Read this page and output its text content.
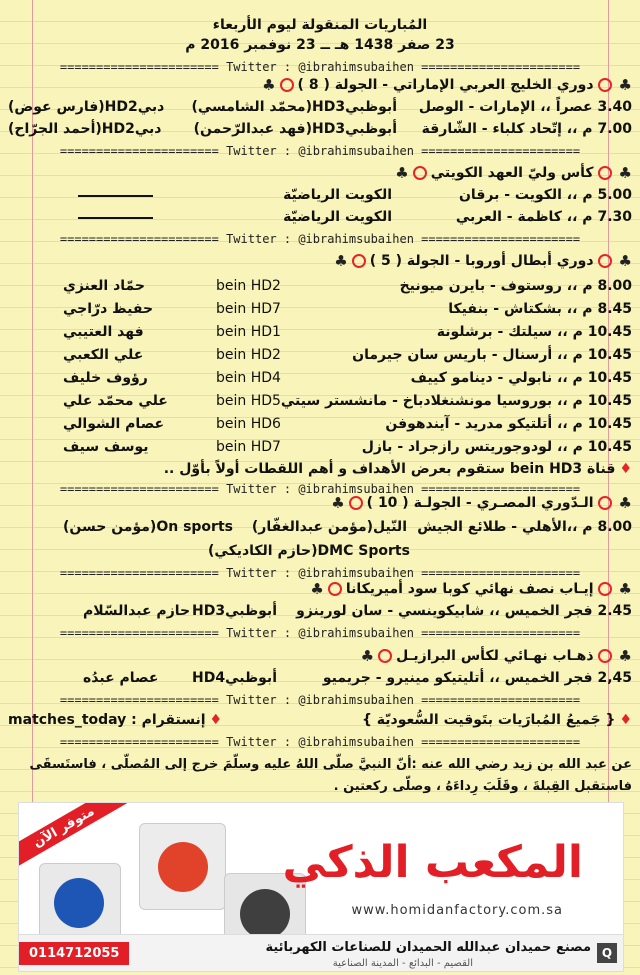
المُباريات المنقولة ليوم الأربعاء
23 صفر 1438 هـ ــ 23 نوفمبر 2016 م
====================== Twitter : @ibrahimsubaihen ======================
♣دوري الخليج العربي الإماراتي - الجولة ( 8 )♣
3.40 عصراً ،، الإمارات - الوصل
أبوظبيHD3(محمّد الشامسي)
دبيHD2(فارس عوض)
7.00 م ،، إتّحاد كلباء - الشّارقة
أبوظبيHD3(فهد عبدالرّحمن)
دبيHD2(أحمد الجرّاح)
====================== Twitter : @ibrahimsubaihen ======================
♣كأس وليّ العهد الكويتي♣
5.00 م ،، الكويت - برقان
الكويت الرياضيّة
7.30 م ،، كاظمة - العربي
الكويت الرياضيّة
====================== Twitter : @ibrahimsubaihen ======================
♣دوري أبطال أوروبا - الجولة ( 5 )♣
8.00 م ،، روستوف - بايرن ميونيخ
bein HD2
حمّاد العنزي
8.45 م ،، بشكتاش - بنفيكا
bein HD7
حفيظ درّاجي
10.45 م ،، سيلتك - برشلونة
bein HD1
فهد العتيبي
10.45 م ،، أرسنال - باريس سان جيرمان
bein HD2
علي الكعبي
10.45 م ،، نابولي - دينامو كييف
bein HD4
رؤوف خليف
10.45 م ،، بوروسيا مونشنغلادباخ - مانشستر سيتي
bein HD5
علي محمّد علي
10.45 م ،، أتلتيكو مدريد - آيندهوفن
bein HD6
عصام الشوالي
10.45 م ،، لودوجوريتس رازجراد - بازل
bein HD7
يوسف سيف
♦قناة bein HD3 ستقوم بعرض الأهداف و أهم اللقطات أولاً بأوّل ..
====================== Twitter : @ibrahimsubaihen ======================
♣الـدّوري المصـري - الجولـة ( 10 )♣
8.00 م ،،الأهلي - طلائع الجيش
النّيل(مؤمن عبدالغفّار)
On sports(مؤمن حسن)
DMC Sports(حازم الكاديكي)
====================== Twitter : @ibrahimsubaihen ======================
♣إيـاب نصف نهائي كوبا سود أميريكانا♣
2.45 فجر الخميس ،، شابيكوينسي - سان لورينزو
أبوظبيHD3
حازم عبدالسّلام
====================== Twitter : @ibrahimsubaihen ======================
♣ذهـاب نهـائي لكأس البرازيـل♣
2,45 فجر الخميس ،، أتليتيكو مينيرو - جريميو
أبوظبيHD4
عصام عبدُه
====================== Twitter : @ibrahimsubaihen ======================
♦{ جَميعُ المُبارَيات بتَوقيت السُّعوديّة }
♦إنستقرام : matches_today
====================== Twitter : @ibrahimsubaihen ======================
عن عبد الله بن زيد رضي الله عنه :أنّ النبيَّ صلّى اللهُ عليه وسلّمَ خرج إلى المُصلّى ، فاستَسقَى
فاستقبل القِبلةَ ، وقَلَبَ رِداءَهُ ، وصلّى ركعتين .
متوفر الآن
المكعب الذكي
www.homidanfactory.com.sa
مصنع حميدان عبدالله الحميدان للصناعات الكهربائية
القصيم - البدائع - المدينة الصناعية
0114712055	Q
